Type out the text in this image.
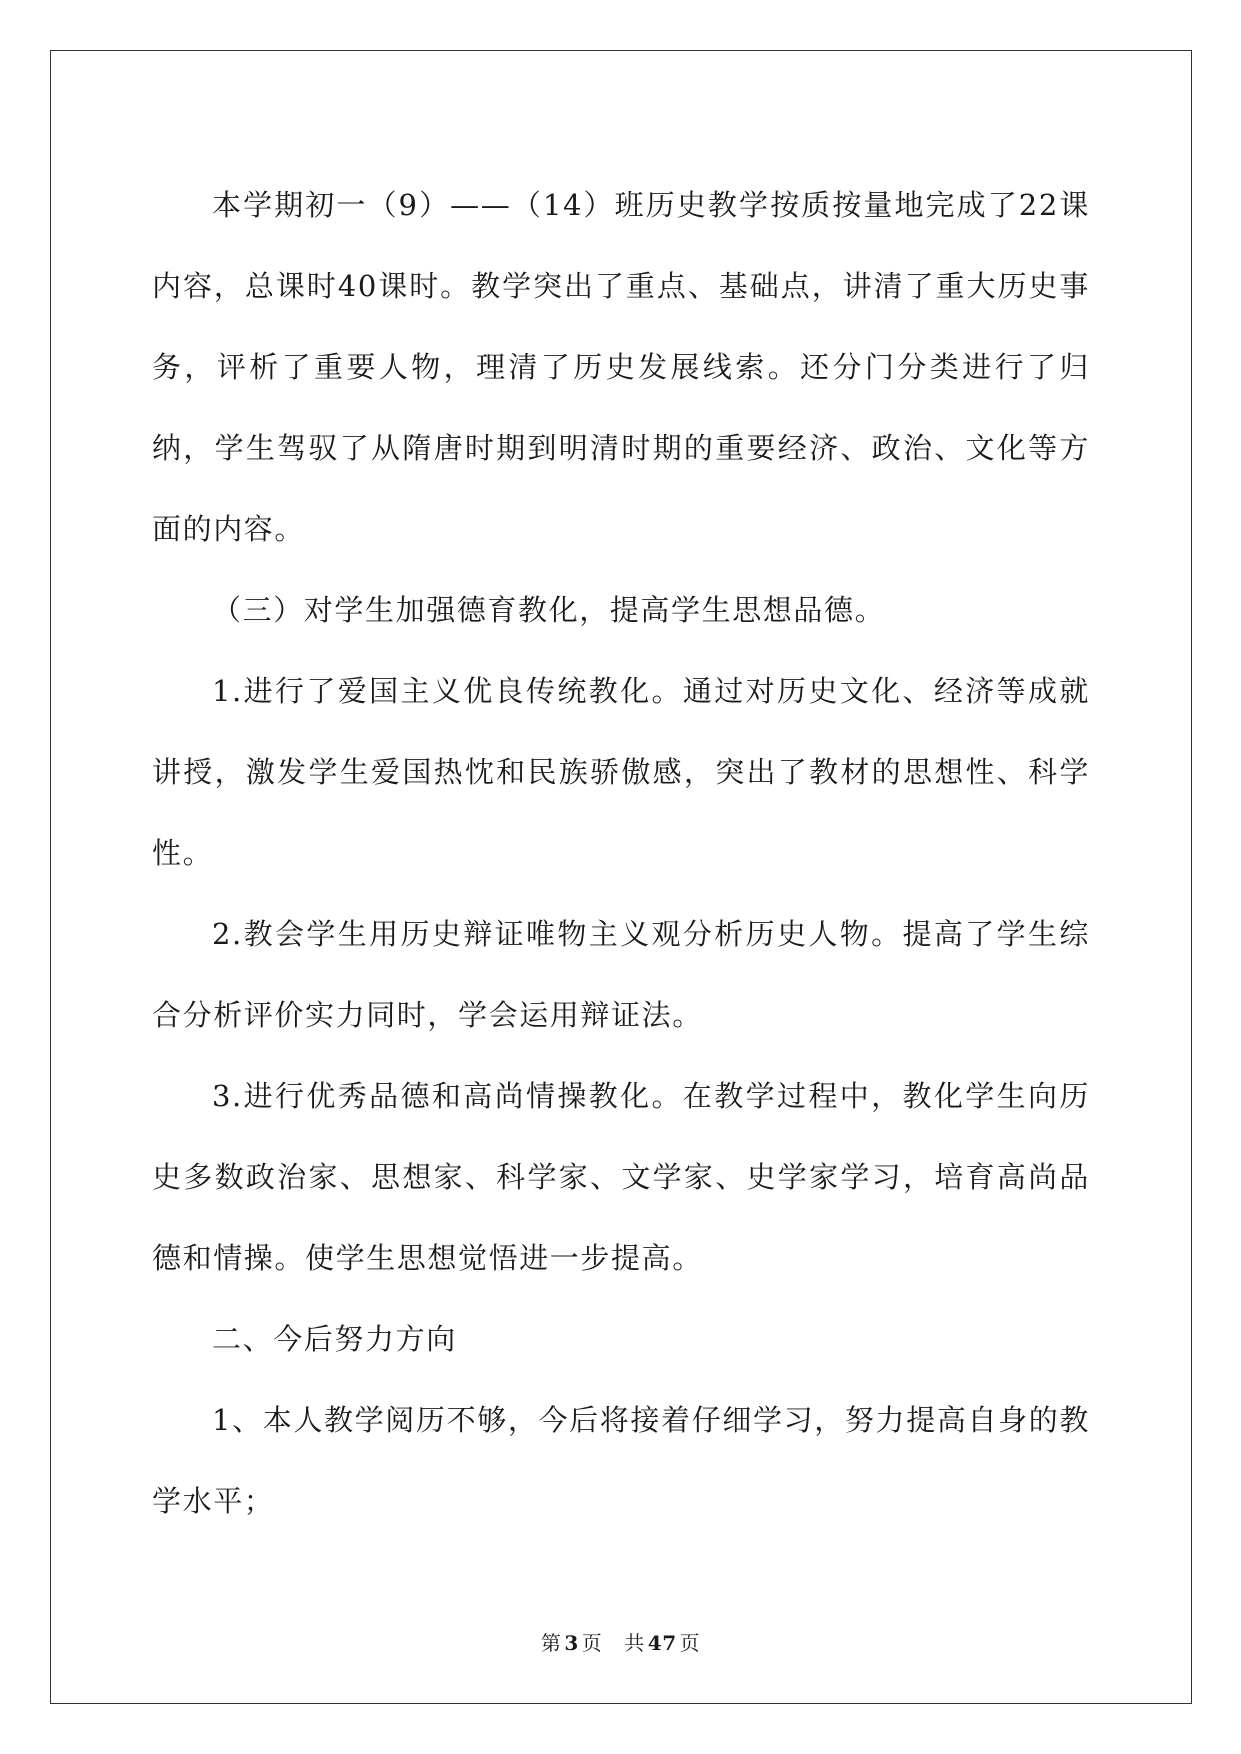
本学期初一（9）——（14）班历史教学按质按量地完成了22课内容，总课时40课时。教学突出了重点、基础点，讲清了重大历史事务，评析了重要人物，理清了历史发展线索。还分门分类进行了归纳，学生驾驭了从隋唐时期到明清时期的重要经济、政治、文化等方面的内容。

（三）对学生加强德育教化，提高学生思想品德。

1.进行了爱国主义优良传统教化。通过对历史文化、经济等成就讲授，激发学生爱国热忱和民族骄傲感，突出了教材的思想性、科学性。

2.教会学生用历史辩证唯物主义观分析历史人物。提高了学生综合分析评价实力同时，学会运用辩证法。

3.进行优秀品德和高尚情操教化。在教学过程中，教化学生向历史多数政治家、思想家、科学家、文学家、史学家学习，培育高尚品德和情操。使学生思想觉悟进一步提高。

二、今后努力方向

1、本人教学阅历不够，今后将接着仔细学习，努力提高自身的教学水平；

第 3 页 共 47 页
